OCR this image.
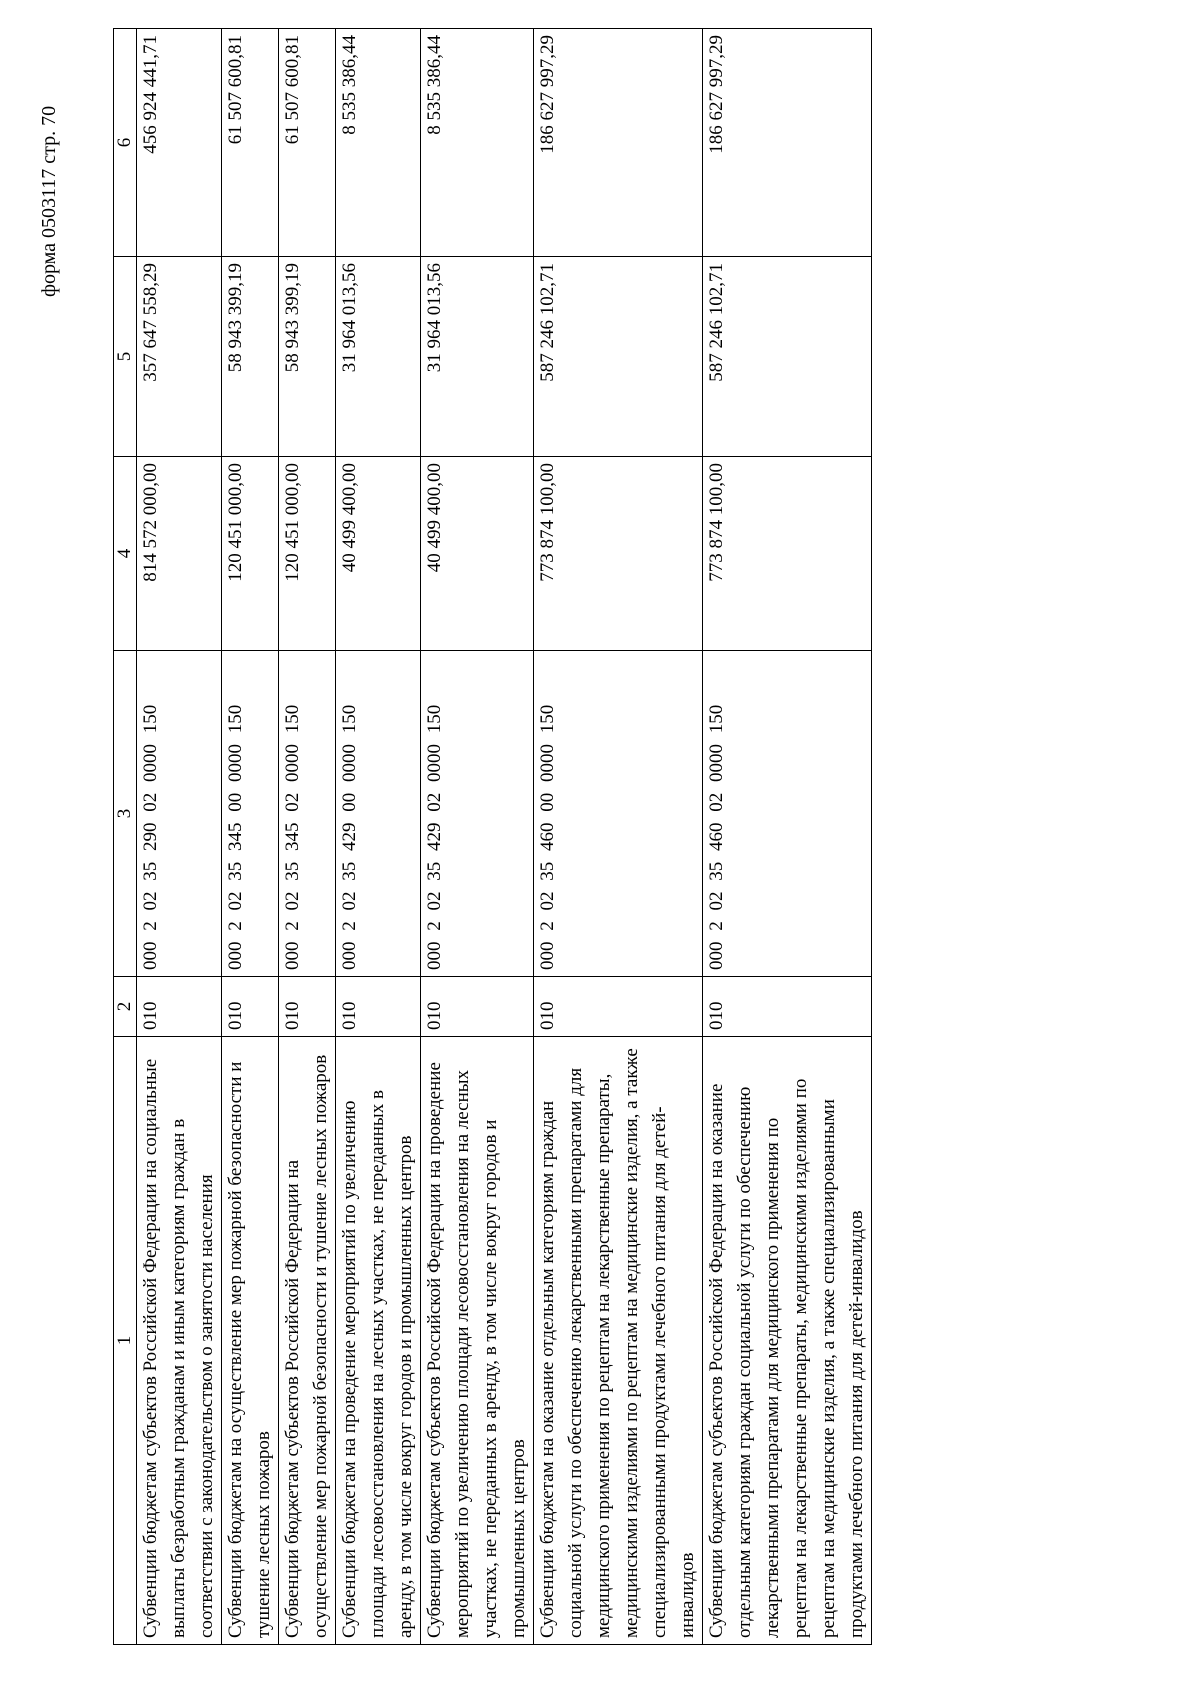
форма 0503117 стр. 70
1	2	3	4	5	6
Субвенции бюджетам субъектов Российской Федерации на социальные выплаты безработным гражданам и иным категориям граждан в соответствии с законодательством о занятости населения	010	000 2 02 35 290 02 0000 150	814 572 000,00	357 647 558,29	456 924 441,71
Субвенции бюджетам на осуществление мер пожарной безопасности и тушение лесных пожаров	010	000 2 02 35 345 00 0000 150	120 451 000,00	58 943 399,19	61 507 600,81
Субвенции бюджетам субъектов Российской Федерации на осуществление мер пожарной безопасности и тушение лесных пожаров	010	000 2 02 35 345 02 0000 150	120 451 000,00	58 943 399,19	61 507 600,81
Субвенции бюджетам на проведение мероприятий по увеличению площади лесовосстановления на лесных участках, не переданных в аренду, в том числе вокруг городов и промышленных центров	010	000 2 02 35 429 00 0000 150	40 499 400,00	31 964 013,56	8 535 386,44
Субвенции бюджетам субъектов Российской Федерации на проведение мероприятий по увеличению площади лесовосстановления на лесных участках, не переданных в аренду, в том числе вокруг городов и промышленных центров	010	000 2 02 35 429 02 0000 150	40 499 400,00	31 964 013,56	8 535 386,44
Субвенции бюджетам на оказание отдельным категориям граждан социальной услуги по обеспечению лекарственными препаратами для медицинского применения по рецептам на лекарственные препараты, медицинскими изделиями по рецептам на медицинские изделия, а также специализированными продуктами лечебного питания для детей-инвалидов	010	000 2 02 35 460 00 0000 150	773 874 100,00	587 246 102,71	186 627 997,29
Субвенции бюджетам субъектов Российской Федерации на оказание отдельным категориям граждан социальной услуги по обеспечению лекарственными препаратами для медицинского применения по рецептам на лекарственные препараты, медицинскими изделиями по рецептам на медицинские изделия, а также специализированными продуктами лечебного питания для детей-инвалидов	010	000 2 02 35 460 02 0000 150	773 874 100,00	587 246 102,71	186 627 997,29
